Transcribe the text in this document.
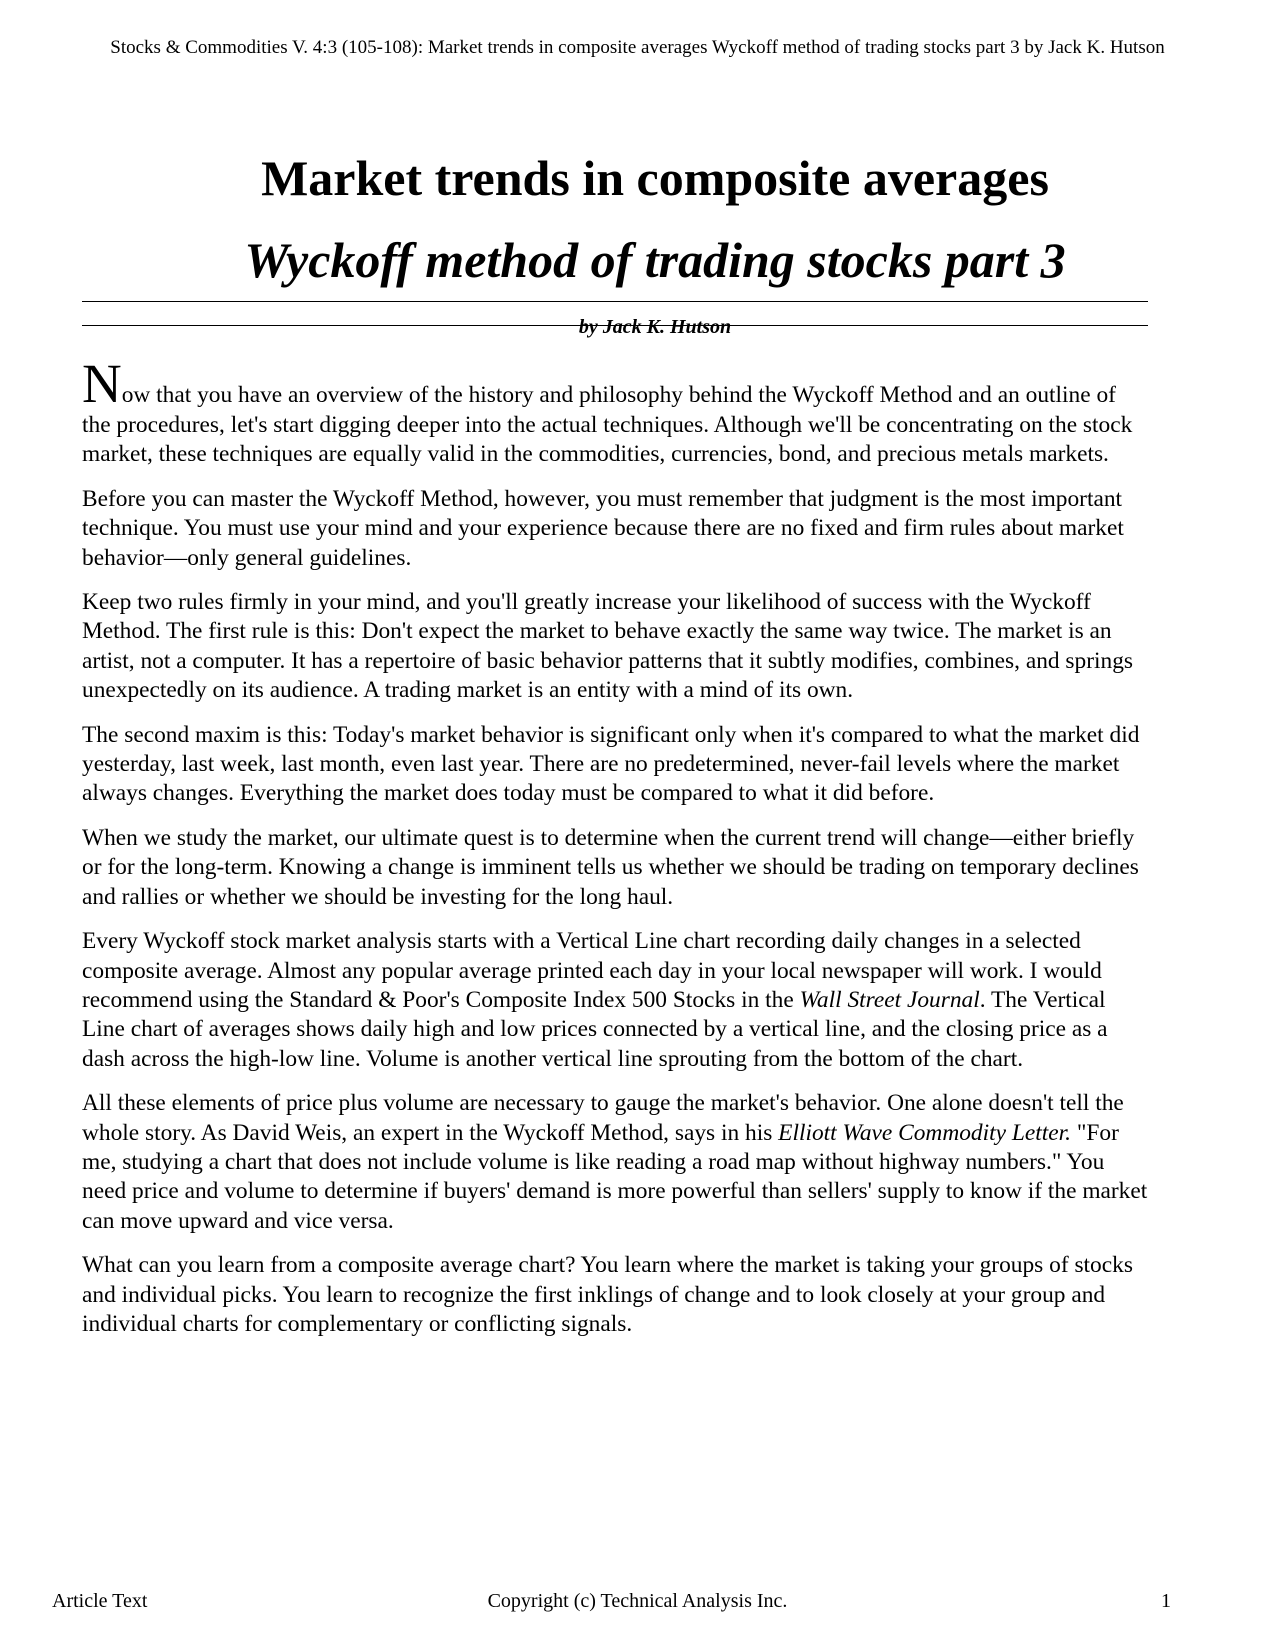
Stocks & Commodities V. 4:3 (105-108): Market trends in composite averages Wyckoff method of trading stocks part 3 by Jack K. Hutson
Market trends in composite averages
Wyckoff method of trading stocks part 3
by Jack K. Hutson

Now that you have an overview of the history and philosophy behind the Wyckoff Method and an outline of the procedures, let's start digging deeper into the actual techniques. Although we'll be concentrating on the stock market, these techniques are equally valid in the commodities, currencies, bond, and precious metals markets.

Before you can master the Wyckoff Method, however, you must remember that judgment is the most important technique. You must use your mind and your experience because there are no fixed and firm rules about market behavior—only general guidelines.

Keep two rules firmly in your mind, and you'll greatly increase your likelihood of success with the Wyckoff Method. The first rule is this: Don't expect the market to behave exactly the same way twice. The market is an artist, not a computer. It has a repertoire of basic behavior patterns that it subtly modifies, combines, and springs unexpectedly on its audience. A trading market is an entity with a mind of its own.

The second maxim is this: Today's market behavior is significant only when it's compared to what the market did yesterday, last week, last month, even last year. There are no predetermined, never-fail levels where the market always changes. Everything the market does today must be compared to what it did before.

When we study the market, our ultimate quest is to determine when the current trend will change—either briefly or for the long-term. Knowing a change is imminent tells us whether we should be trading on temporary declines and rallies or whether we should be investing for the long haul.

Every Wyckoff stock market analysis starts with a Vertical Line chart recording daily changes in a selected composite average. Almost any popular average printed each day in your local newspaper will work. I would recommend using the Standard & Poor's Composite Index 500 Stocks in the Wall Street Journal. The Vertical Line chart of averages shows daily high and low prices connected by a vertical line, and the closing price as a dash across the high-low line. Volume is another vertical line sprouting from the bottom of the chart.

All these elements of price plus volume are necessary to gauge the market's behavior. One alone doesn't tell the whole story. As David Weis, an expert in the Wyckoff Method, says in his Elliott Wave Commodity Letter. "For me, studying a chart that does not include volume is like reading a road map without highway numbers." You need price and volume to determine if buyers' demand is more powerful than sellers' supply to know if the market can move upward and vice versa.

What can you learn from a composite average chart? You learn where the market is taking your groups of stocks and individual picks. You learn to recognize the first inklings of change and to look closely at your group and individual charts for complementary or conflicting signals.

Article Text	Copyright (c) Technical Analysis Inc.	1
